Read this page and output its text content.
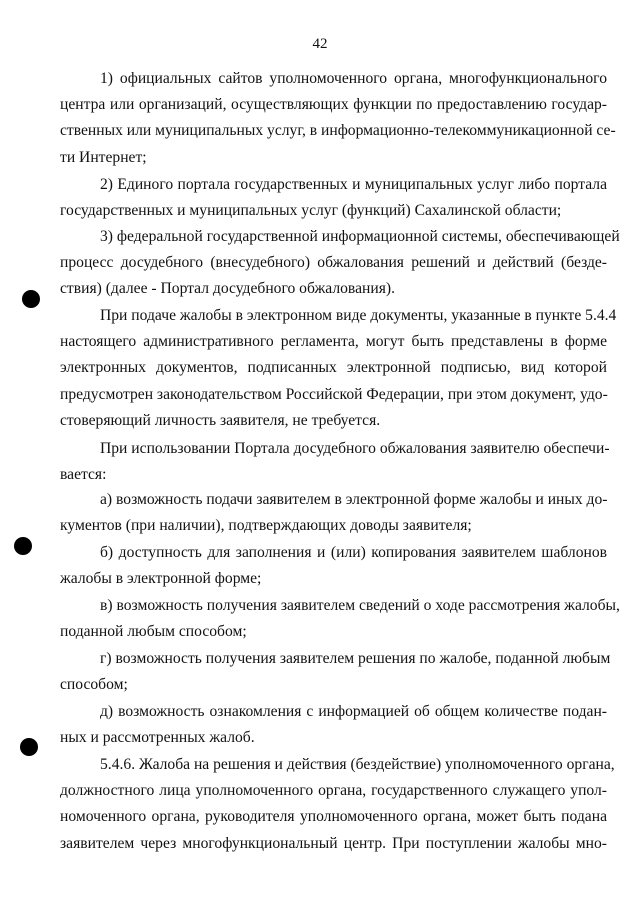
42
1) официальных сайтов уполномоченного органа, многофункционального
центра или организаций, осуществляющих функции по предоставлению государ-
ственных или муниципальных услуг, в информационно-телекоммуникационной се-
ти Интернет;
2) Единого портала государственных и муниципальных услуг либо портала
государственных и муниципальных услуг (функций) Сахалинской области;
3) федеральной государственной информационной системы, обеспечивающей
процесс досудебного (внесудебного) обжалования решений и действий (безде-
ствия) (далее - Портал досудебного обжалования).
При подаче жалобы в электронном виде документы, указанные в пункте 5.4.4
настоящего административного регламента, могут быть представлены в форме
электронных документов, подписанных электронной подписью, вид которой
предусмотрен законодательством Российской Федерации, при этом документ, удо-
стоверяющий личность заявителя, не требуется.
При использовании Портала досудебного обжалования заявителю обеспечи-
вается:
а) возможность подачи заявителем в электронной форме жалобы и иных до-
кументов (при наличии), подтверждающих доводы заявителя;
б) доступность для заполнения и (или) копирования заявителем шаблонов
жалобы в электронной форме;
в) возможность получения заявителем сведений о ходе рассмотрения жалобы,
поданной любым способом;
г) возможность получения заявителем решения по жалобе, поданной любым
способом;
д) возможность ознакомления с информацией об общем количестве подан-
ных и рассмотренных жалоб.
5.4.6. Жалоба на решения и действия (бездействие) уполномоченного органа,
должностного лица уполномоченного органа, государственного служащего упол-
номоченного органа, руководителя уполномоченного органа, может быть подана
заявителем через многофункциональный центр. При поступлении жалобы мно-
